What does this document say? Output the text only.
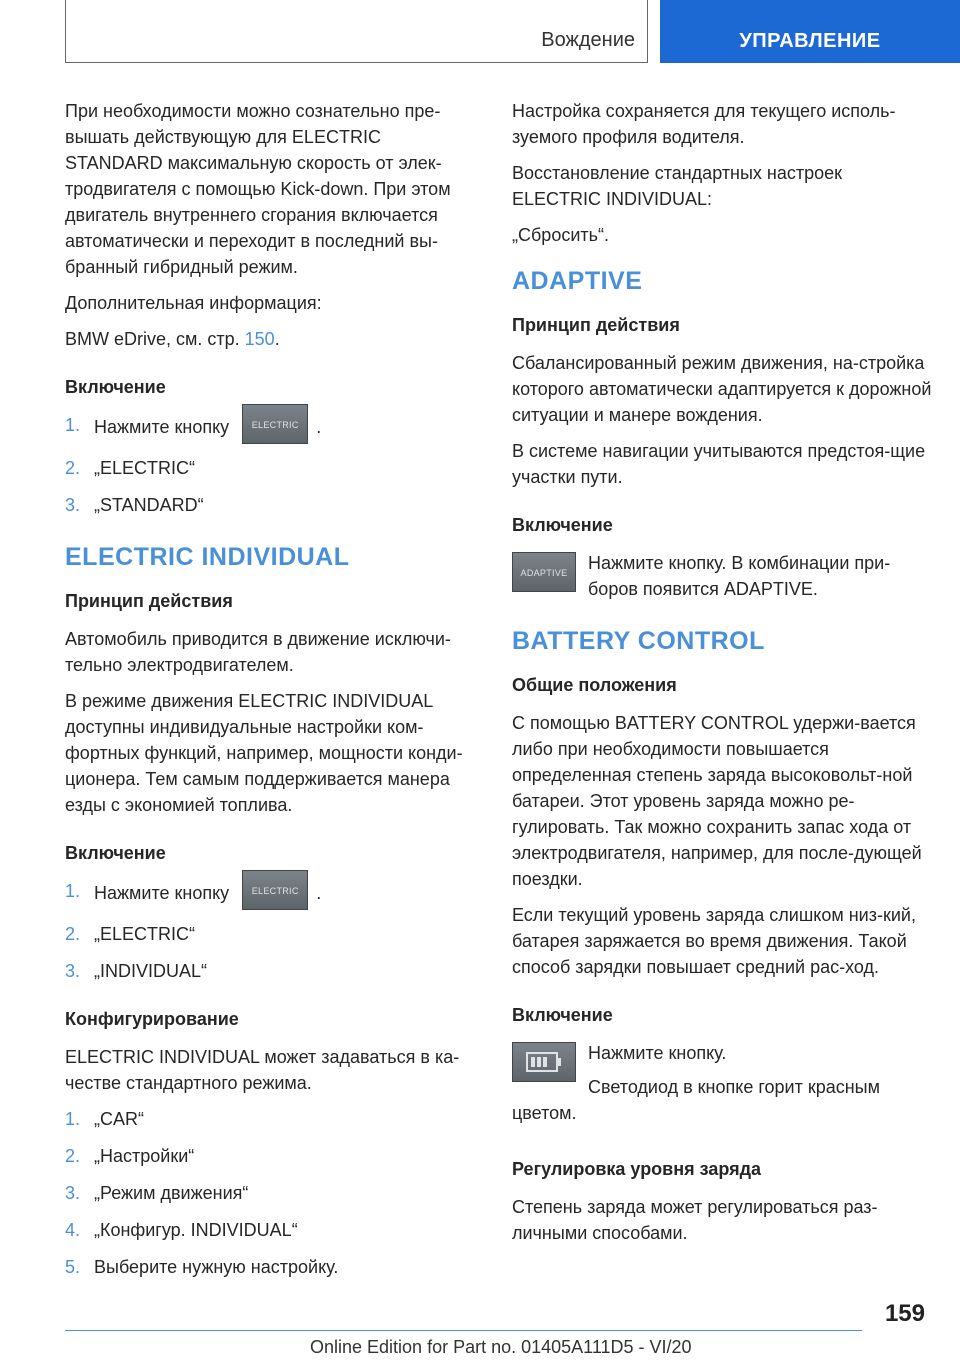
Вождение	УПРАВЛЕНИЕ

При необходимости можно сознательно пре-вышать действующую для ELECTRIC STANDARD максимальную скорость от элек-тродвигателя с помощью Kick-down. При этом двигатель внутреннего сгорания включается автоматически и переходит в последний вы-бранный гибридный режим.

Дополнительная информация:

BMW eDrive, см. стр. 150.

Включение
1. Нажмите кнопку	ELECTRIC .
2. „ELECTRIC“
3. „STANDARD“
ELECTRIC INDIVIDUAL
Принцип действия

Автомобиль приводится в движение исключи-тельно электродвигателем.

В режиме движения ELECTRIC INDIVIDUAL доступны индивидуальные настройки ком-фортных функций, например, мощности конди-ционера. Тем самым поддерживается манера езды с экономией топлива.

Включение
1. Нажмите кнопку	ELECTRIC .
2. „ELECTRIC“
3. „INDIVIDUAL“
Конфигурирование

ELECTRIC INDIVIDUAL может задаваться в ка-честве стандартного режима.

1. „CAR“
2. „Настройки“
3. „Режим движения“
4. „Конфигур. INDIVIDUAL“
5. Выберите нужную настройку.

Настройка сохраняется для текущего исполь-зуемого профиля водителя.

Восстановление стандартных настроек ELECTRIC INDIVIDUAL:

„Сбросить“.

ADAPTIVE
Принцип действия

Сбалансированный режим движения, на-стройка которого автоматически адаптируется к дорожной ситуации и манере вождения.

В системе навигации учитываются предстоя-щие участки пути.

Включение
ADAPTIVE	Нажмите кнопку. В комбинации при-боров появится ADAPTIVE.
BATTERY CONTROL
Общие положения

С помощью BATTERY CONTROL удержи-вается либо при необходимости повышается определенная степень заряда высоковольт-ной батареи. Этот уровень заряда можно ре-гулировать. Так можно сохранить запас хода от электродвигателя, например, для после-дующей поездки.

Если текущий уровень заряда слишком низ-кий, батарея заряжается во время движения. Такой способ зарядки повышает средний рас-ход.

Включение

Нажмите кнопку.

Светодиод в кнопке горит красным цветом.

Регулировка уровня заряда

Степень заряда может регулироваться раз-личными способами.

159
Online Edition for Part no. 01405A111D5 - VI/20
